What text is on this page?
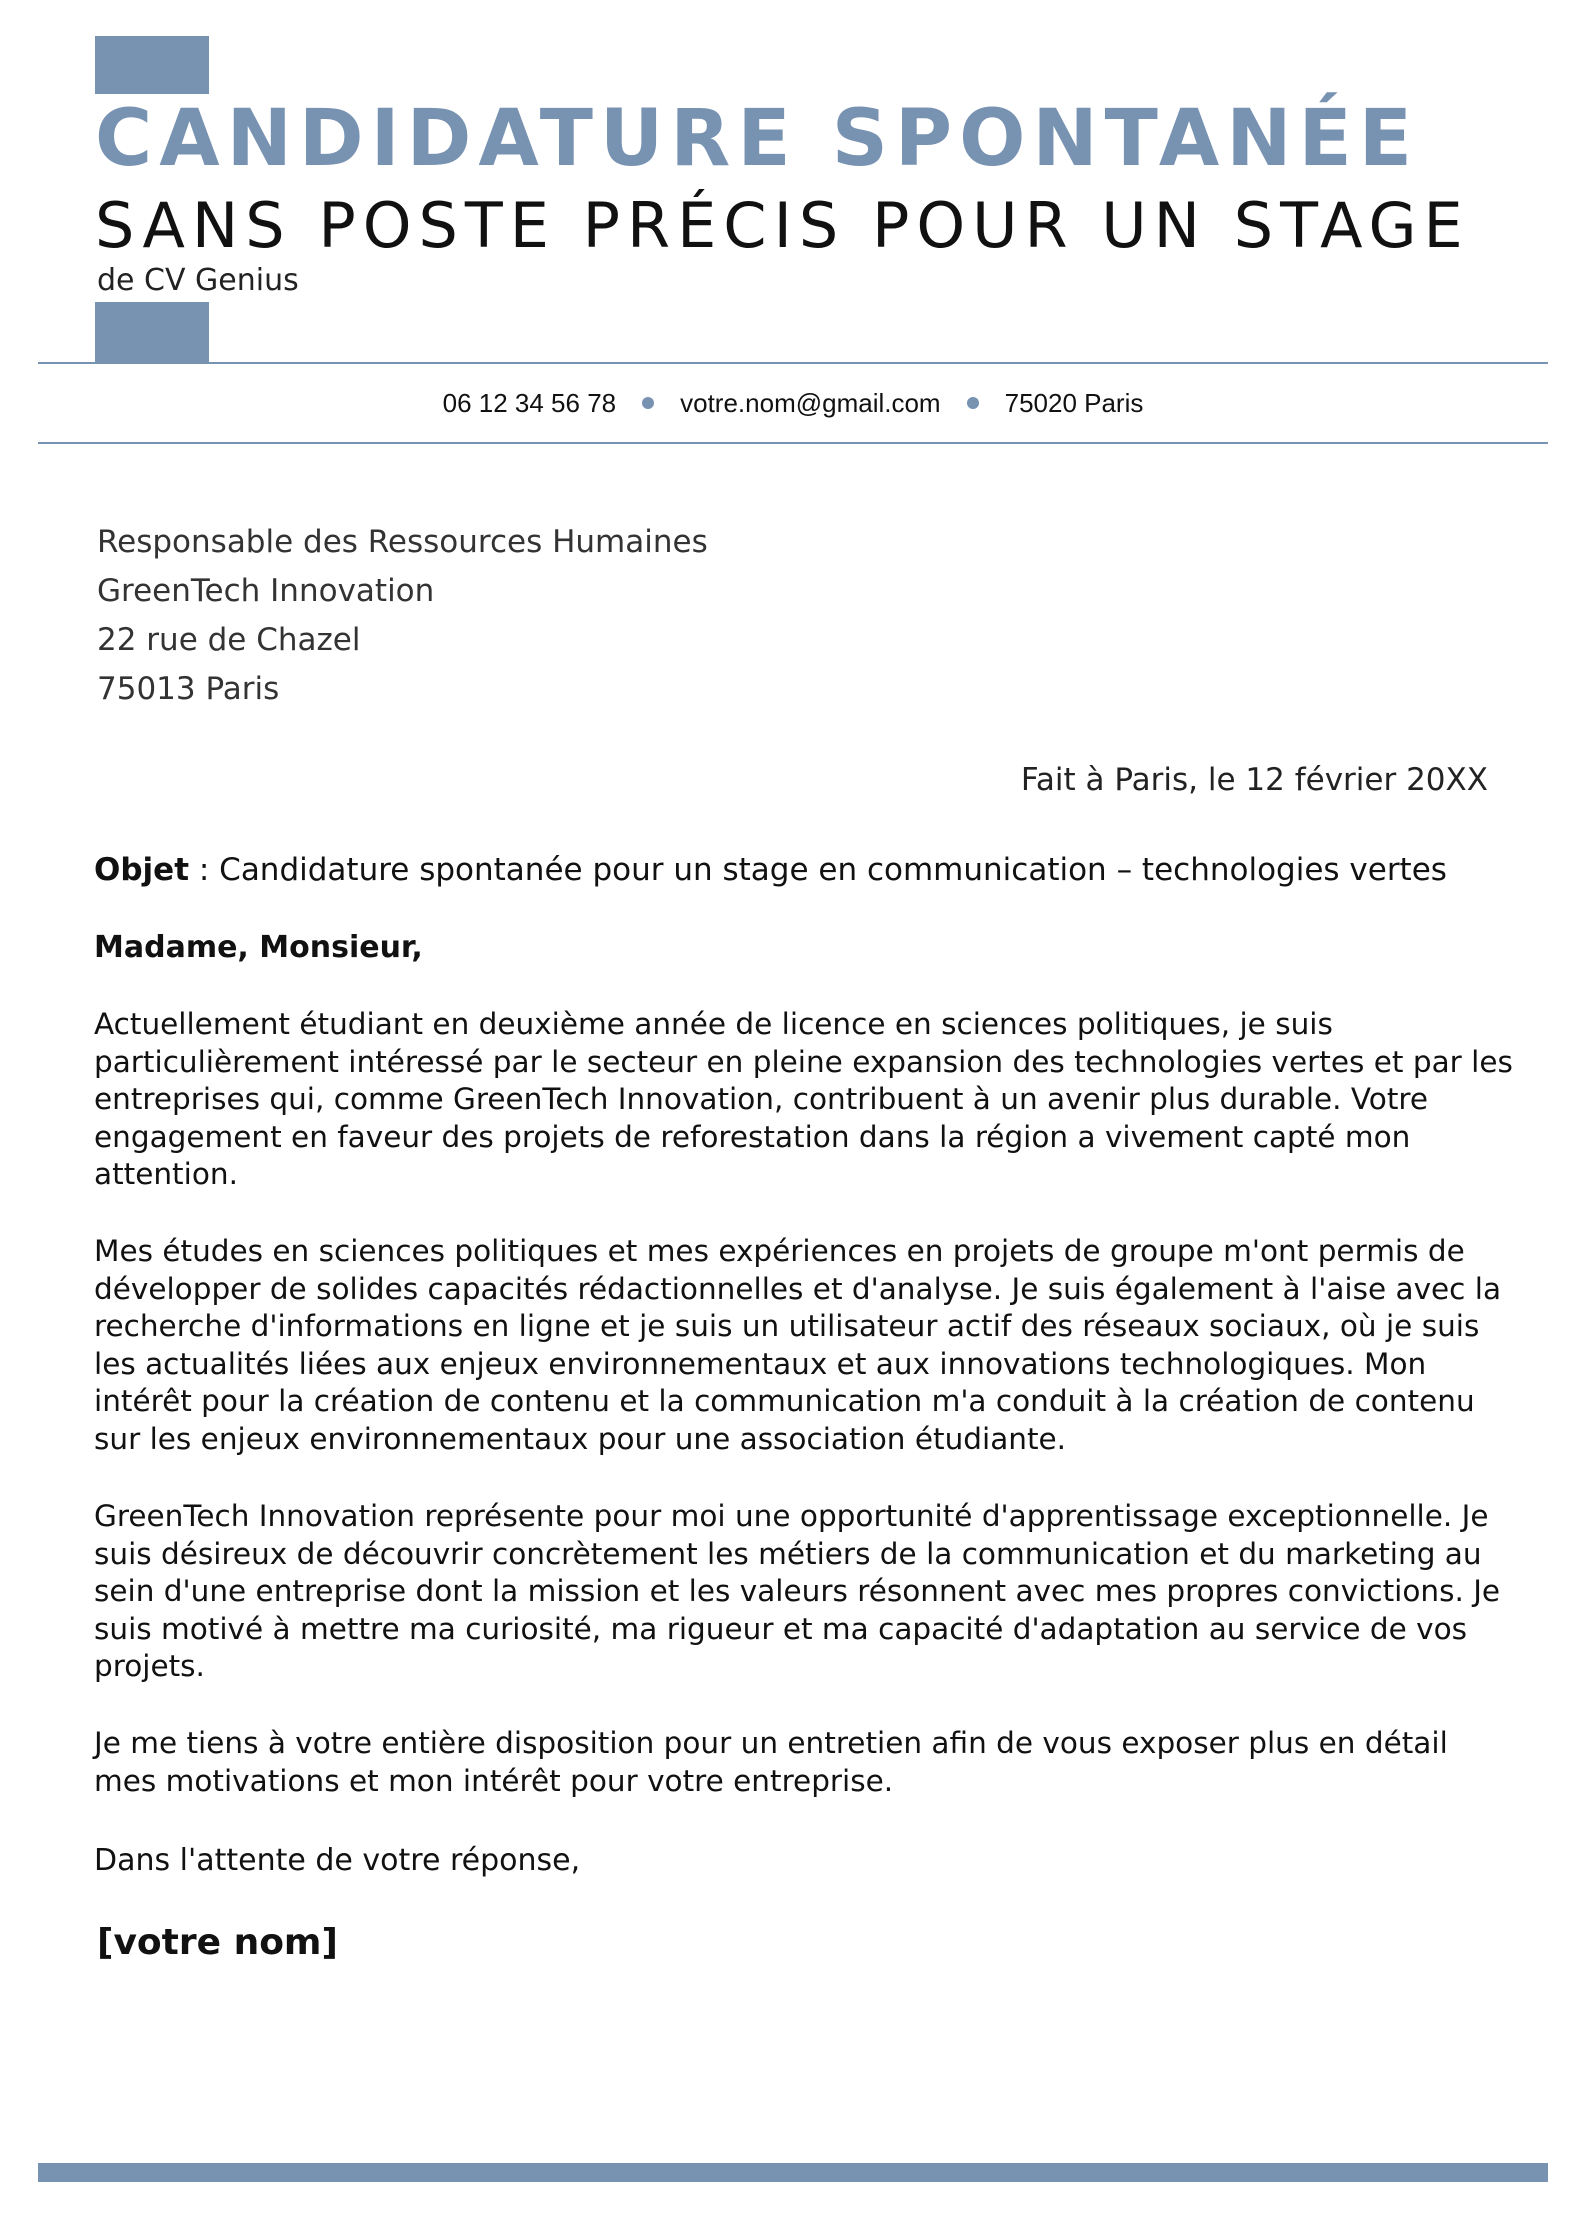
CANDIDATURE SPONTANÉE
SANS POSTE PRÉCIS POUR UN STAGE
de CV Genius
06 12 34 56 78 votre.nom@gmail.com 75020 Paris
Responsable des Ressources Humaines
GreenTech Innovation
22 rue de Chazel
75013 Paris
Fait à Paris, le 12 février 20XX
Objet : Candidature spontanée pour un stage en communication – technologies vertes
Madame, Monsieur,

Actuellement étudiant en deuxième année de licence en sciences politiques, je suis particulièrement intéressé par le secteur en pleine expansion des technologies vertes et par les entreprises qui, comme GreenTech Innovation, contribuent à un avenir plus durable. Votre engagement en faveur des projets de reforestation dans la région a vivement capté mon attention.

Mes études en sciences politiques et mes expériences en projets de groupe m'ont permis de développer de solides capacités rédactionnelles et d'analyse. Je suis également à l'aise avec la recherche d'informations en ligne et je suis un utilisateur actif des réseaux sociaux, où je suis les actualités liées aux enjeux environnementaux et aux innovations technologiques. Mon intérêt pour la création de contenu et la communication m'a conduit à la création de contenu sur les enjeux environnementaux pour une association étudiante.

GreenTech Innovation représente pour moi une opportunité d'apprentissage exceptionnelle. Je suis désireux de découvrir concrètement les métiers de la communication et du marketing au sein d'une entreprise dont la mission et les valeurs résonnent avec mes propres convictions. Je suis motivé à mettre ma curiosité, ma rigueur et ma capacité d'adaptation au service de vos projets.

Je me tiens à votre entière disposition pour un entretien afin de vous exposer plus en détail mes motivations et mon intérêt pour votre entreprise.

Dans l'attente de votre réponse,
[votre nom]
